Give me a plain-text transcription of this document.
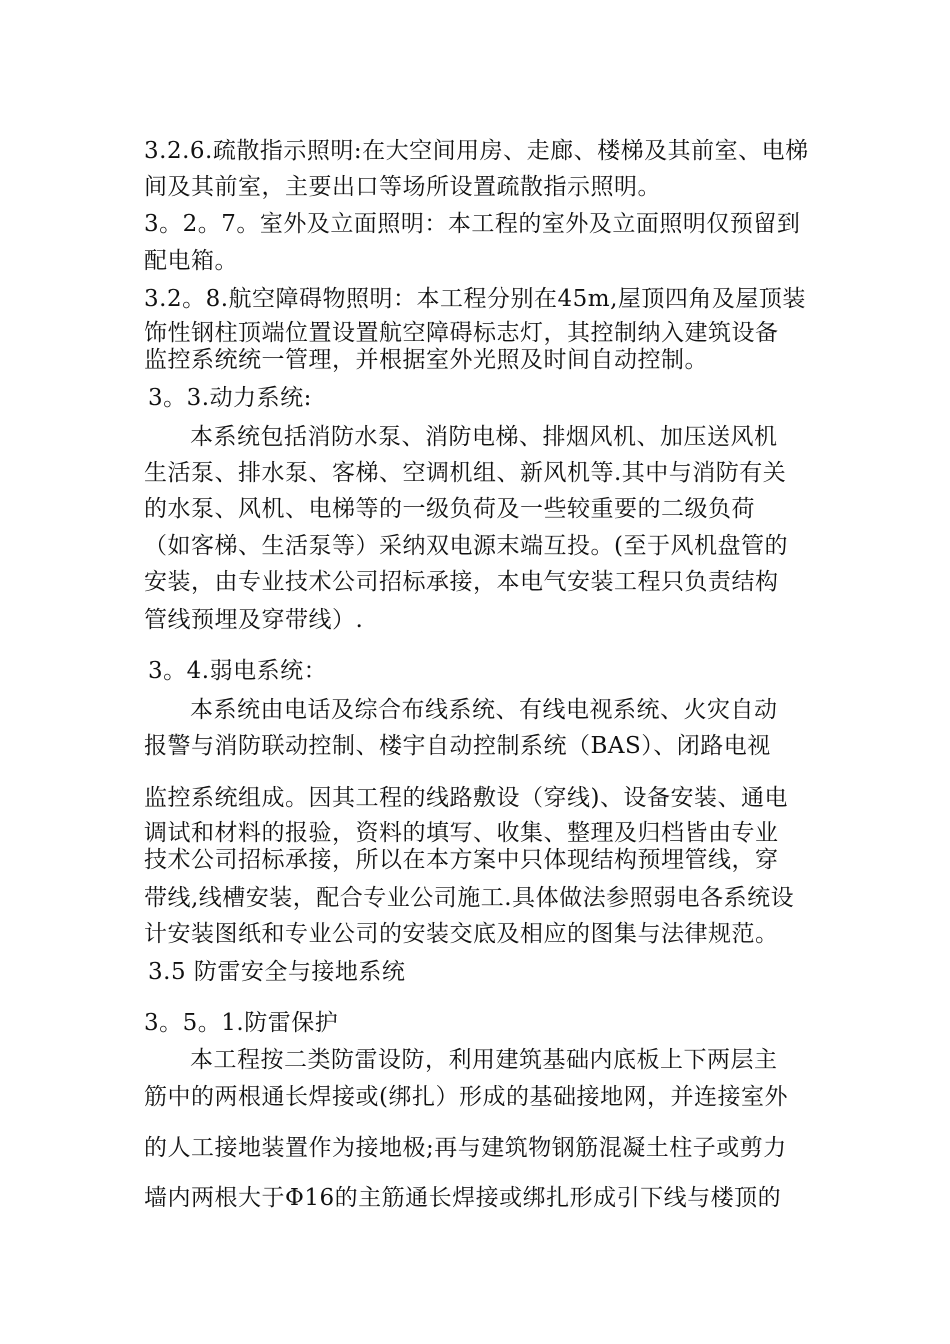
3.2.6.疏散指示照明:在大空间用房、走廊、楼梯及其前室、电梯
间及其前室，主要出口等场所设置疏散指示照明。
3。2。7。室外及立面照明：本工程的室外及立面照明仅预留到
配电箱。
3.2。8.航空障碍物照明：本工程分别在45m,屋顶四角及屋顶装
饰性钢柱顶端位置设置航空障碍标志灯，其控制纳入建筑设备
监控系统统一管理，并根据室外光照及时间自动控制。
3。3.动力系统:
本系统包括消防水泵、消防电梯、排烟风机、加压送风机
生活泵、排水泵、客梯、空调机组、新风机等.其中与消防有关
的水泵、风机、电梯等的一级负荷及一些较重要的二级负荷
（如客梯、生活泵等）采纳双电源末端互投。(至于风机盘管的
安装，由专业技术公司招标承接，本电气安装工程只负责结构
管线预埋及穿带线）.
3。4.弱电系统：
本系统由电话及综合布线系统、有线电视系统、火灾自动
报警与消防联动控制、楼宇自动控制系统（BAS）、闭路电视
监控系统组成。因其工程的线路敷设（穿线)、设备安装、通电
调试和材料的报验，资料的填写、收集、整理及归档皆由专业
技术公司招标承接，所以在本方案中只体现结构预埋管线，穿
带线,线槽安装，配合专业公司施工.具体做法参照弱电各系统设
计安装图纸和专业公司的安装交底及相应的图集与法律规范。
3.5 防雷安全与接地系统
3。5。1.防雷保护
本工程按二类防雷设防，利用建筑基础内底板上下两层主
筋中的两根通长焊接或(绑扎）形成的基础接地网，并连接室外
的人工接地装置作为接地极;再与建筑物钢筋混凝土柱子或剪力
墙内两根大于Φ16的主筋通长焊接或绑扎形成引下线与楼顶的
